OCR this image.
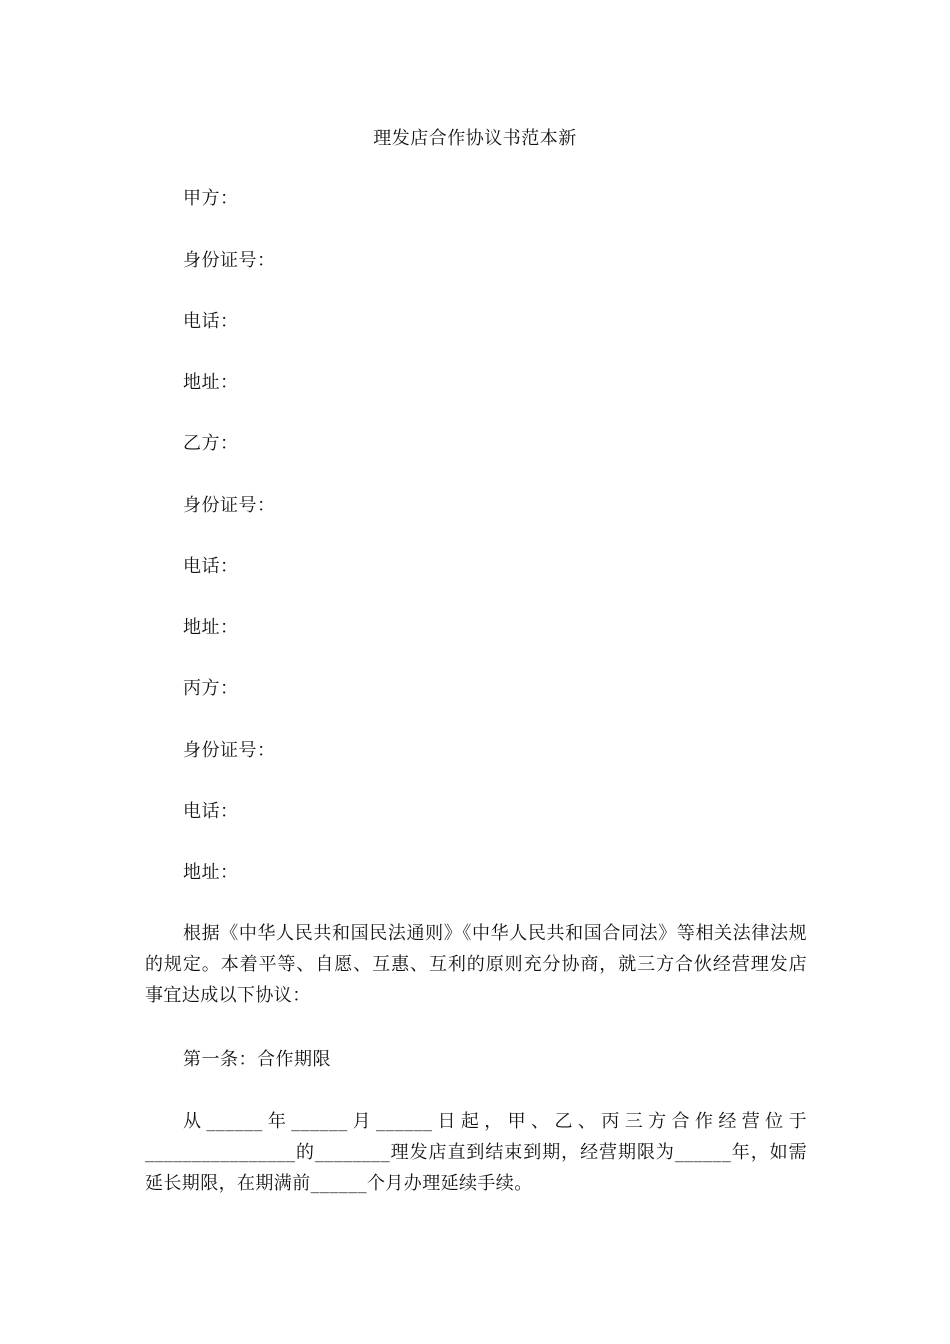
理发店合作协议书范本新
甲方：
身份证号：
电话：
地址：
乙方：
身份证号：
电话：
地址：
丙方：
身份证号：
电话：
地址：
根据《中华人民共和国民法通则》《中华人民共和国合同法》等相关法律法规的规定。本着平等、自愿、互惠、互利的原则充分协商，就三方合伙经营理发店事宜达成以下协议：
第一条：合作期限
从______年______月______日起，甲、乙、丙三方合作经营位于________________的________理发店直到结束到期，经营期限为______年，如需延长期限，在期满前______个月办理延续手续。
